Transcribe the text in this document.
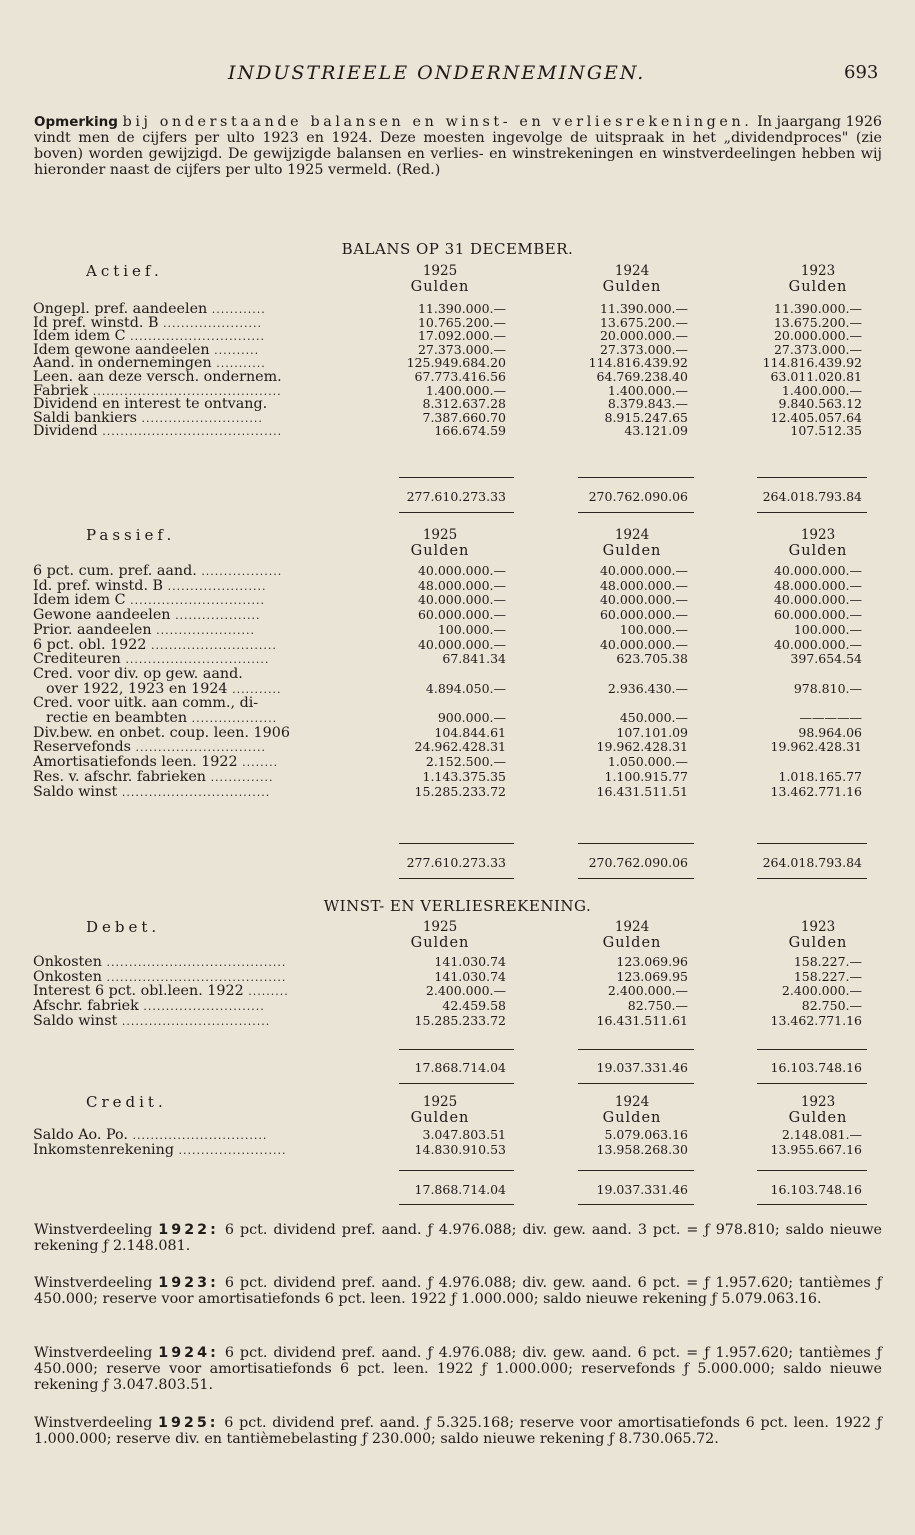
INDUSTRIEELE ONDERNEMINGEN.	693
Opmerking bij onderstaande balansen en winst- en verliesrekeningen. In jaargang 1926 vindt men de cijfers per ulto 1923 en 1924. Deze moesten ingevolge de uitspraak in het „dividendproces" (zie boven) worden gewijzigd. De gewijzigde balansen en verlies- en winstrekeningen en winstverdeelingen hebben wij hieronder naast de cijfers per ulto 1925 vermeld. (Red.)
BALANS OP 31 DECEMBER.
Actief.	1925	1924	1923
Gulden	Gulden	Gulden
Ongepl. pref. aandeelen ............	11.390.000.—	11.390.000.—	11.390.000.—
Id pref. winstd. B ......................	10.765.200.—	13.675.200.—	13.675.200.—
Idem idem C ..............................	17.092.000.—	20.000.000.—	20.000.000.—
Idem gewone aandeelen ..........	27.373.000.—	27.373.000.—	27.373.000.—
Aand. in ondernemingen ...........	125.949.684.20	114.816.439.92	114.816.439.92
Leen. aan deze versch. ondernem.	67.773.416.56	64.769.238.40	63.011.020.81
Fabriek ..........................................	1.400.000.—	1.400.000.—	1.400.000.—
Dividend en interest te ontvang.	8.312.637.28	8.379.843.—	9.840.563.12
Saldi bankiers ...........................	7.387.660.70	8.915.247.65	12.405.057.64
Dividend ........................................	166.674.59	43.121.09	107.512.35
277.610.273.33	270.762.090.06	264.018.793.84
Passief.	1925	1924	1923
Gulden	Gulden	Gulden
6 pct. cum. pref. aand. ..................	40.000.000.—	40.000.000.—	40.000.000.—
Id. pref. winstd. B ......................	48.000.000.—	48.000.000.—	48.000.000.—
Idem idem C ..............................	40.000.000.—	40.000.000.—	40.000.000.—
Gewone aandeelen ...................	60.000.000.—	60.000.000.—	60.000.000.—
Prior. aandeelen ......................	100.000.—	100.000.—	100.000.—
6 pct. obl. 1922 ............................	40.000.000.—	40.000.000.—	40.000.000.—
Crediteuren ................................	67.841.34	623.705.38	397.654.54
Cred. voor div. op gew. aand.
over 1922, 1923 en 1924 ...........	4.894.050.—	2.936.430.—	978.810.—
Cred. voor uitk. aan comm., di-
rectie en beambten ...................	900.000.—	450.000.—	—————
Div.bew. en onbet. coup. leen. 1906	104.844.61	107.101.09	98.964.06
Reservefonds .............................	24.962.428.31	19.962.428.31	19.962.428.31
Amortisatiefonds leen. 1922 ........	2.152.500.—	1.050.000.—
Res. v. afschr. fabrieken ..............	1.143.375.35	1.100.915.77	1.018.165.77
Saldo winst .................................	15.285.233.72	16.431.511.51	13.462.771.16
277.610.273.33	270.762.090.06	264.018.793.84
WINST- EN VERLIESREKENING.
Debet.	1925	1924	1923
Gulden	Gulden	Gulden
Onkosten ........................................	141.030.74	123.069.96	158.227.—
Onkosten ........................................	141.030.74	123.069.95	158.227.—
Interest 6 pct. obl.leen. 1922 .........	2.400.000.—	2.400.000.—	2.400.000.—
Afschr. fabriek ...........................	42.459.58	82.750.—	82.750.—
Saldo winst .................................	15.285.233.72	16.431.511.61	13.462.771.16
17.868.714.04	19.037.331.46	16.103.748.16
Credit.	1925	1924	1923
Gulden	Gulden	Gulden
Saldo Ao. Po. ..............................	3.047.803.51	5.079.063.16	2.148.081.—
Inkomstenrekening ........................	14.830.910.53	13.958.268.30	13.955.667.16
17.868.714.04	19.037.331.46	16.103.748.16
Winstverdeeling 1922: 6 pct. dividend pref. aand. ƒ 4.976.088; div. gew. aand. 3 pct. = ƒ 978.810; saldo nieuwe rekening ƒ 2.148.081.
Winstverdeeling 1923: 6 pct. dividend pref. aand. ƒ 4.976.088; div. gew. aand. 6 pct. = ƒ 1.957.620; tantièmes ƒ 450.000; reserve voor amortisatiefonds 6 pct. leen. 1922 ƒ 1.000.000; saldo nieuwe rekening ƒ 5.079.063.16.
Winstverdeeling 1924: 6 pct. dividend pref. aand. ƒ 4.976.088; div. gew. aand. 6 pct. = ƒ 1.957.620; tantièmes ƒ 450.000; reserve voor amortisatiefonds 6 pct. leen. 1922 ƒ 1.000.000; reservefonds ƒ 5.000.000; saldo nieuwe rekening ƒ 3.047.803.51.
Winstverdeeling 1925: 6 pct. dividend pref. aand. ƒ 5.325.168; reserve voor amortisatiefonds 6 pct. leen. 1922 ƒ 1.000.000; reserve div. en tantièmebelasting ƒ 230.000; saldo nieuwe rekening ƒ 8.730.065.72.
